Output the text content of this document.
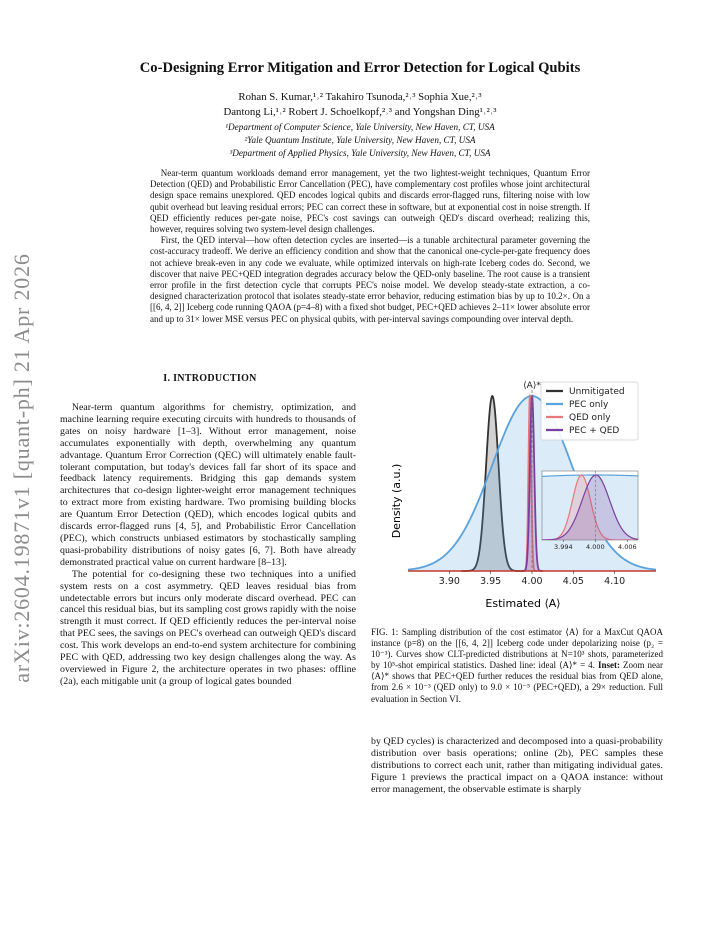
arXiv:2604.19871v1 [quant-ph] 21 Apr 2026
Co-Designing Error Mitigation and Error Detection for Logical Qubits
Rohan S. Kumar,¹˒² Takahiro Tsunoda,²˒³ Sophia Xue,²˒³
Dantong Li,¹˒² Robert J. Schoelkopf,²˒³ and Yongshan Ding¹˒²˒³
¹Department of Computer Science, Yale University, New Haven, CT, USA
²Yale Quantum Institute, Yale University, New Haven, CT, USA
³Department of Applied Physics, Yale University, New Haven, CT, USA

Near-term quantum workloads demand error management, yet the two lightest-weight techniques, Quantum Error Detection (QED) and Probabilistic Error Cancellation (PEC), have complementary cost profiles whose joint architectural design space remains unexplored. QED encodes logical qubits and discards error-flagged runs, filtering noise with low qubit overhead but leaving residual errors; PEC can correct these in software, but at exponential cost in noise strength. If QED efficiently reduces per-gate noise, PEC's cost savings can outweigh QED's discard overhead; realizing this, however, requires solving two system-level design challenges.

First, the QED interval—how often detection cycles are inserted—is a tunable architectural parameter governing the cost-accuracy tradeoff. We derive an efficiency condition and show that the canonical one-cycle-per-gate frequency does not achieve break-even in any code we evaluate, while optimized intervals on high-rate Iceberg codes do. Second, we discover that naive PEC+QED integration degrades accuracy below the QED-only baseline. The root cause is a transient error profile in the first detection cycle that corrupts PEC's noise model. We develop steady-state extraction, a co-designed characterization protocol that isolates steady-state error behavior, reducing estimation bias by up to 10.2×. On a [[6, 4, 2]] Iceberg code running QAOA (p=4–8) with a fixed shot budget, PEC+QED achieves 2–11× lower absolute error and up to 31× lower MSE versus PEC on physical qubits, with per-interval savings compounding over interval depth.

I. INTRODUCTION

Near-term quantum algorithms for chemistry, optimization, and machine learning require executing circuits with hundreds to thousands of gates on noisy hardware [1–3]. Without error management, noise accumulates exponentially with depth, overwhelming any quantum advantage. Quantum Error Correction (QEC) will ultimately enable fault-tolerant computation, but today's devices fall far short of its space and feedback latency requirements. Bridging this gap demands system architectures that co-design lighter-weight error management techniques to extract more from existing hardware. Two promising building blocks are Quantum Error Detection (QED), which encodes logical qubits and discards error-flagged runs [4, 5], and Probabilistic Error Cancellation (PEC), which constructs unbiased estimators by stochastically sampling quasi-probability distributions of noisy gates [6, 7]. Both have already demonstrated practical value on current hardware [8–13].

The potential for co-designing these two techniques into a unified system rests on a cost asymmetry. QED leaves residual bias from undetectable errors but incurs only moderate discard overhead. PEC can cancel this residual bias, but its sampling cost grows rapidly with the noise strength it must correct. If QED efficiently reduces the per-interval noise that PEC sees, the savings on PEC's overhead can outweigh QED's discard cost. This work develops an end-to-end system architecture for combining PEC with QED, addressing two key design challenges along the way. As overviewed in Figure 2, the architecture operates in two phases: offline (2a), each mitigable unit (a group of logical gates bounded

⟨A⟩*
3.90 3.95 4.00 4.05 4.10
Estimated ⟨A⟩
Density (a.u.)
Unmitigated
PEC only
QED only
PEC + QED
3.994 4.000 4.006
FIG. 1: Sampling distribution of the cost estimator ⟨A⟩ for a MaxCut QAOA instance (p=8) on the [[6, 4, 2]] Iceberg code under depolarizing noise (p₂ = 10⁻³). Curves show CLT-predicted distributions at N=10³ shots, parameterized by 10⁵-shot empirical statistics. Dashed line: ideal ⟨A⟩* = 4. Inset: Zoom near ⟨A⟩* shows that PEC+QED further reduces the residual bias from QED alone, from 2.6 × 10⁻³ (QED only) to 9.0 × 10⁻⁵ (PEC+QED), a 29× reduction. Full evaluation in Section VI.

by QED cycles) is characterized and decomposed into a quasi-probability distribution over basis operations; online (2b), PEC samples these distributions to correct each unit, rather than mitigating individual gates. Figure 1 previews the practical impact on a QAOA instance: without error management, the observable estimate is sharply
